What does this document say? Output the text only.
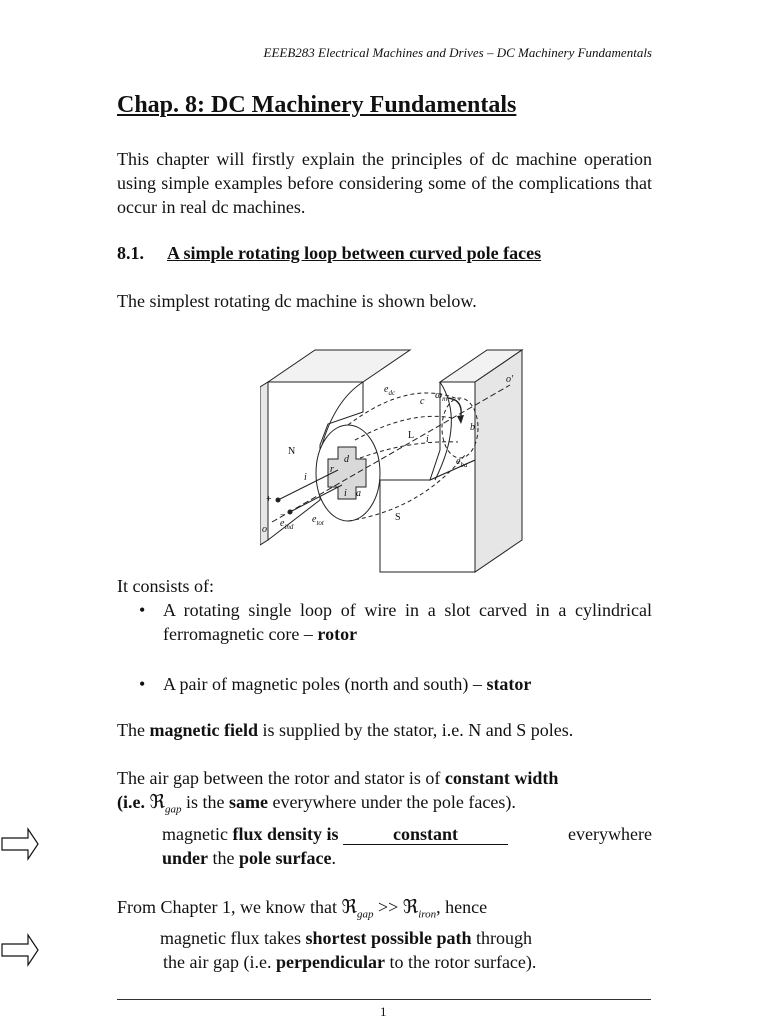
EEEB283 Electrical Machines and Drives – DC Machinery Fundamentals
Chap. 8: DC Machinery Fundamentals

This chapter will firstly explain the principles of dc machine operation using simple examples before considering some of the complications that occur in real dc machines.

8.1. A simple rotating loop between curved pole faces

The simplest rotating dc machine is shown below.

N
S
+
−
o
o'
$e_{dc}$	$\omega_m$
c
b
d
a
r
i
i
i
$e_{ba}$
$e_{ind}$
$e_{tot}$
L

It consists of:

• A rotating single loop of wire in a slot carved in a cylindrical ferromagnetic core – rotor
• A pair of magnetic poles (north and south) – stator

The magnetic field is supplied by the stator, i.e. N and S poles.

The air gap between the rotor and stator is of constant width
(i.e. ℜ$_{gap}$ is the same everywhere under the pole faces).

magnetic flux density is	constant	everywhere

under the pole surface.

From Chapter 1, we know that ℜ$_{gap}$ >> ℜ$_{iron}$, hence

magnetic flux takes shortest possible path through
the air gap (i.e. perpendicular to the rotor surface).
1
